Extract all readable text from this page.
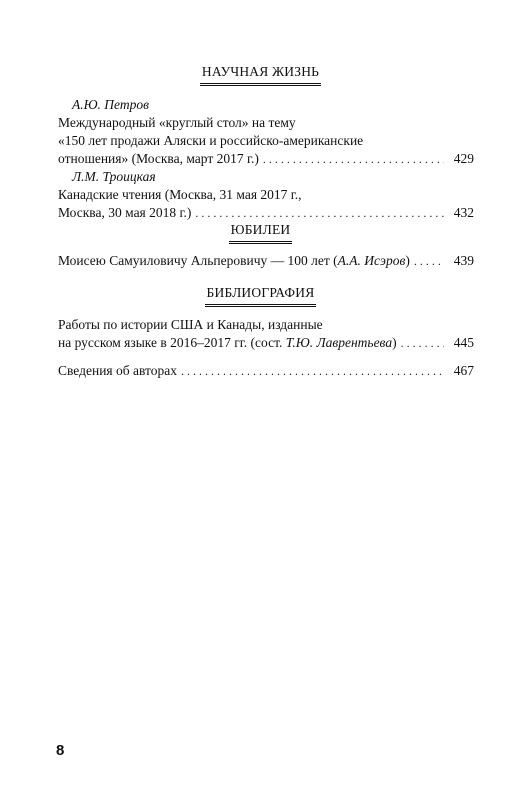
НАУЧНАЯ ЖИЗНЬ
А.Ю. Петров
Международный «круглый стол» на тему
«150 лет продажи Аляски и российско-американские
отношения» (Москва, март 2017 г.) . . .	429
Л.М. Троицкая
Канадские чтения (Москва, 31 мая 2017 г.,
Москва, 30 мая 2018 г.) . . .	432
ЮБИЛЕИ
Моисею Самуиловичу Альперовичу — 100 лет (А.А. Исэров) . . .	439
БИБЛИОГРАФИЯ
Работы по истории США и Канады, изданные
на русском языке в 2016–2017 гг. (сост. Т.Ю. Лаврентьева) . . .	445
Сведения об авторах . . .	467
8
